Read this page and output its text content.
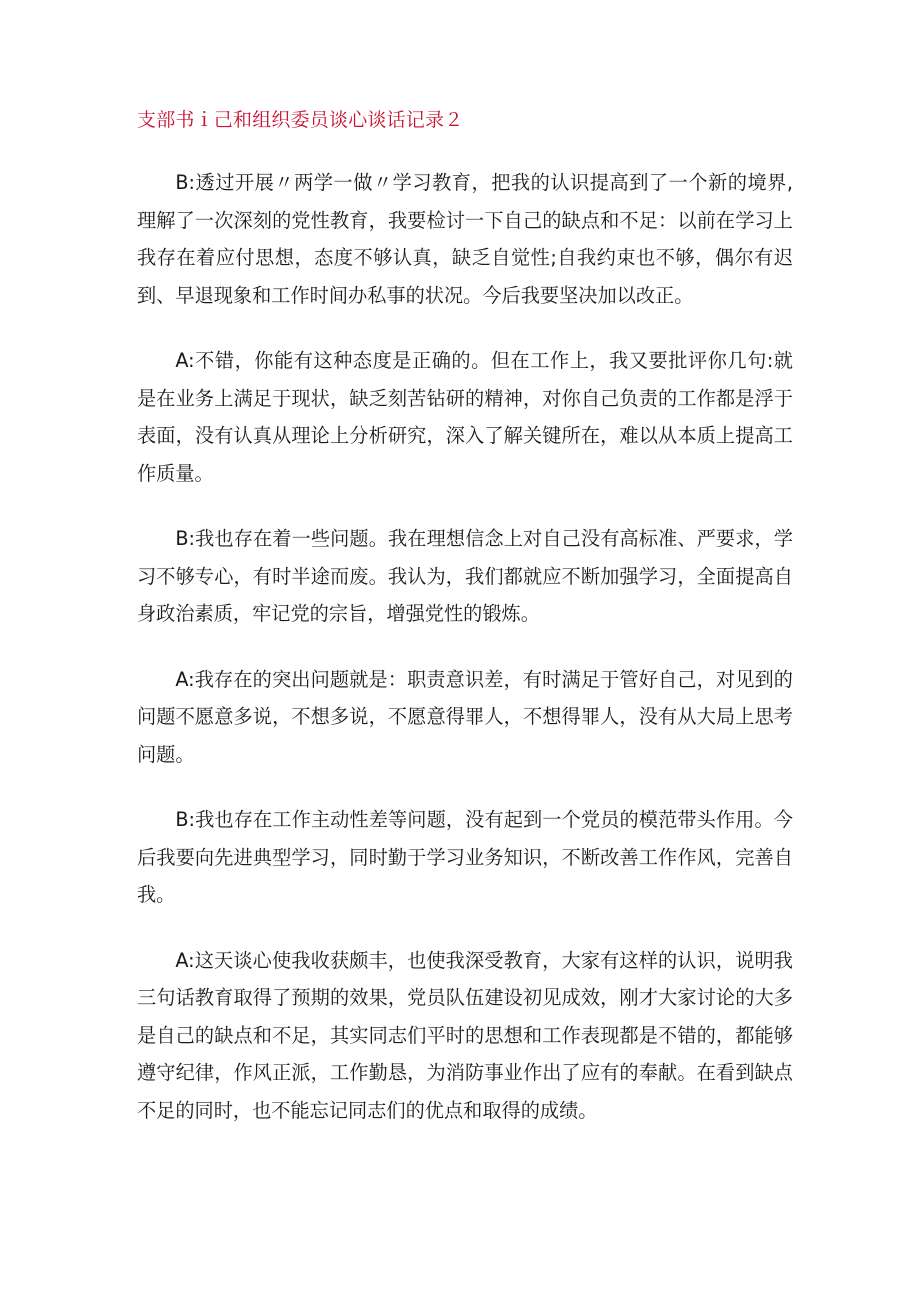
支部书ｉ己和组织委员谈心谈话记录２

B:透过开展〃两学一做〃学习教育，把我的认识提高到了一个新的境界,理解了一次深刻的党性教育，我要检讨一下自己的缺点和不足：以前在学习上我存在着应付思想，态度不够认真，缺乏自觉性;自我约束也不够，偶尔有迟到、早退现象和工作时间办私事的状况。今后我要坚决加以改正。

A:不错，你能有这种态度是正确的。但在工作上，我又要批评你几句:就是在业务上满足于现状，缺乏刻苦钻研的精神，对你自己负责的工作都是浮于表面，没有认真从理论上分析研究，深入了解关键所在，难以从本质上提高工作质量。

B:我也存在着一些问题。我在理想信念上对自己没有高标准、严要求，学习不够专心，有时半途而废。我认为，我们都就应不断加强学习，全面提高自身政治素质，牢记党的宗旨，增强党性的锻炼。

A:我存在的突出问题就是：职责意识差，有时满足于管好自己，对见到的问题不愿意多说，不想多说，不愿意得罪人，不想得罪人，没有从大局上思考问题。

B:我也存在工作主动性差等问题，没有起到一个党员的模范带头作用。今后我要向先进典型学习，同时勤于学习业务知识，不断改善工作作风，完善自我。

A:这天谈心使我收获颇丰，也使我深受教育，大家有这样的认识，说明我三句话教育取得了预期的效果，党员队伍建设初见成效，刚才大家讨论的大多是自己的缺点和不足，其实同志们平时的思想和工作表现都是不错的，都能够遵守纪律，作风正派，工作勤恳，为消防事业作出了应有的奉献。在看到缺点不足的同时，也不能忘记同志们的优点和取得的成绩。
